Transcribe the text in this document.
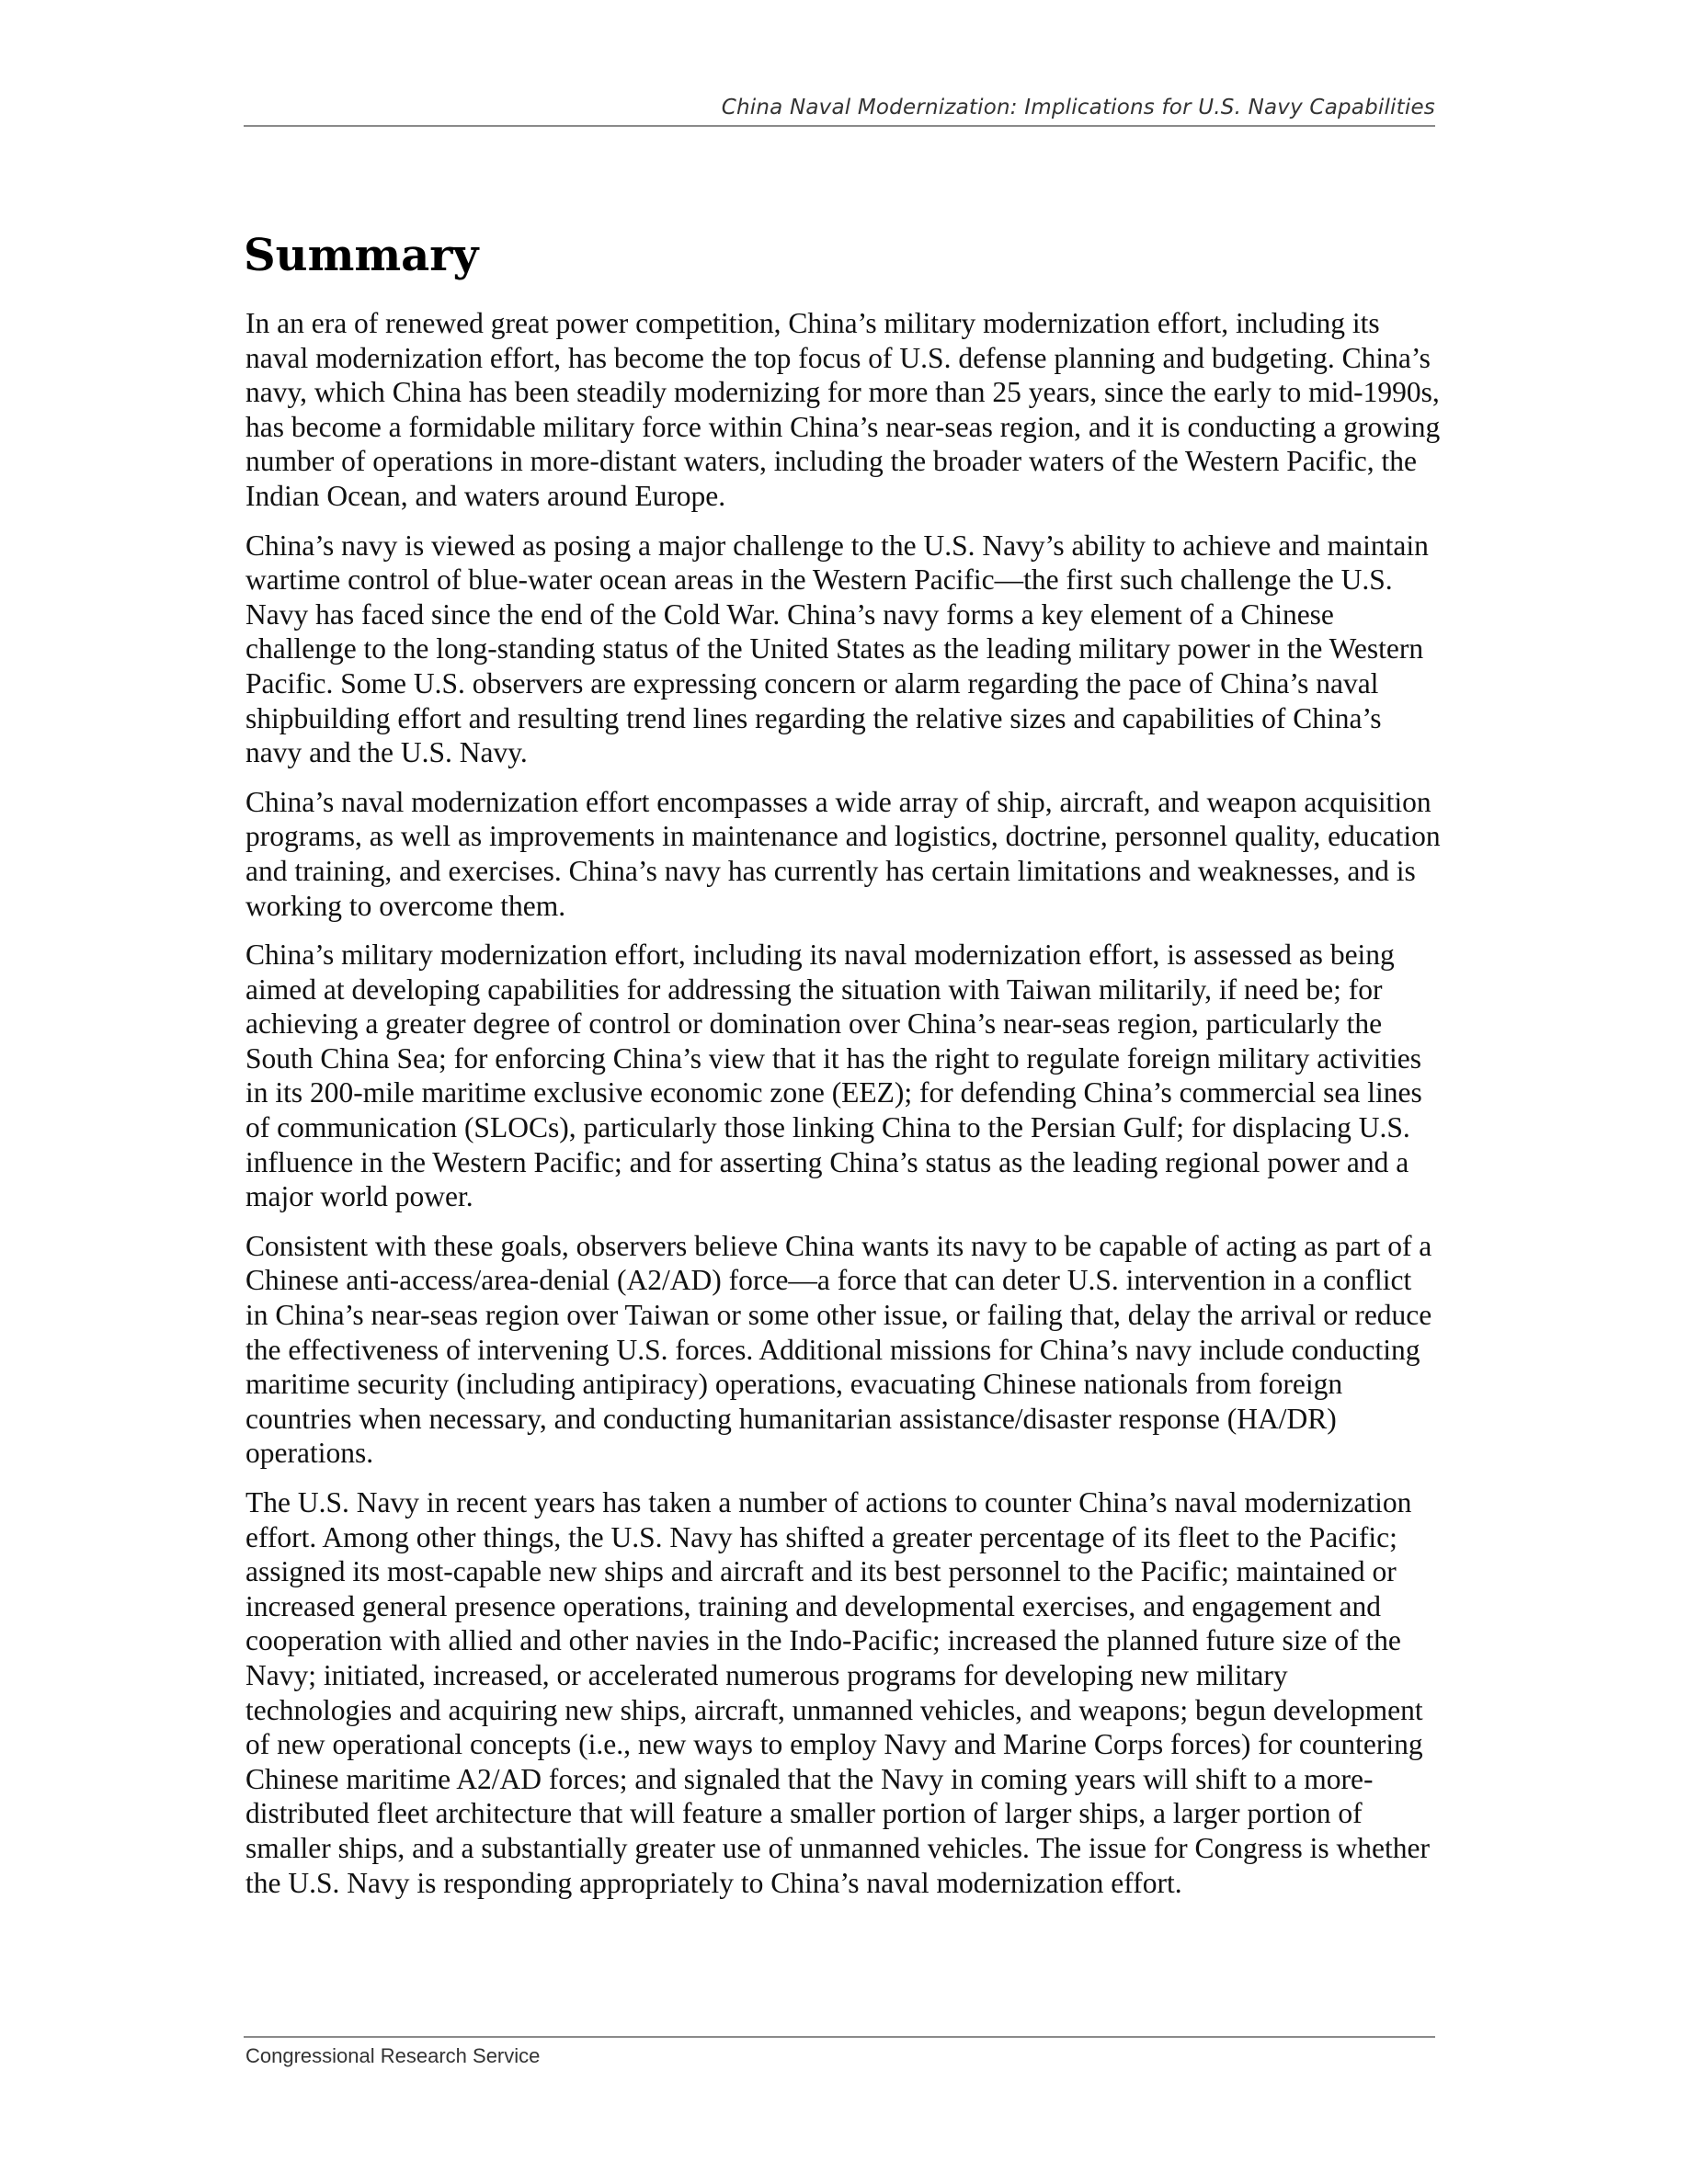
China Naval Modernization: Implications for U.S. Navy Capabilities
Summary

In an era of renewed great power competition, China’s military modernization effort, including its naval modernization effort, has become the top focus of U.S. defense planning and budgeting. China’s navy, which China has been steadily modernizing for more than 25 years, since the early to mid-1990s, has become a formidable military force within China’s near-seas region, and it is conducting a growing number of operations in more-distant waters, including the broader waters of the Western Pacific, the Indian Ocean, and waters around Europe.

China’s navy is viewed as posing a major challenge to the U.S. Navy’s ability to achieve and maintain wartime control of blue-water ocean areas in the Western Pacific—the first such challenge the U.S. Navy has faced since the end of the Cold War. China’s navy forms a key element of a Chinese challenge to the long-standing status of the United States as the leading military power in the Western Pacific. Some U.S. observers are expressing concern or alarm regarding the pace of China’s naval shipbuilding effort and resulting trend lines regarding the relative sizes and capabilities of China’s navy and the U.S. Navy.

China’s naval modernization effort encompasses a wide array of ship, aircraft, and weapon acquisition programs, as well as improvements in maintenance and logistics, doctrine, personnel quality, education and training, and exercises. China’s navy has currently has certain limitations and weaknesses, and is working to overcome them.

China’s military modernization effort, including its naval modernization effort, is assessed as being aimed at developing capabilities for addressing the situation with Taiwan militarily, if need be; for achieving a greater degree of control or domination over China’s near-seas region, particularly the South China Sea; for enforcing China’s view that it has the right to regulate foreign military activities in its 200-mile maritime exclusive economic zone (EEZ); for defending China’s commercial sea lines of communication (SLOCs), particularly those linking China to the Persian Gulf; for displacing U.S. influence in the Western Pacific; and for asserting China’s status as the leading regional power and a major world power.

Consistent with these goals, observers believe China wants its navy to be capable of acting as part of a Chinese anti-access/area-denial (A2/AD) force—a force that can deter U.S. intervention in a conflict in China’s near-seas region over Taiwan or some other issue, or failing that, delay the arrival or reduce the effectiveness of intervening U.S. forces. Additional missions for China’s navy include conducting maritime security (including antipiracy) operations, evacuating Chinese nationals from foreign countries when necessary, and conducting humanitarian assistance/disaster response (HA/DR) operations.

The U.S. Navy in recent years has taken a number of actions to counter China’s naval modernization effort. Among other things, the U.S. Navy has shifted a greater percentage of its fleet to the Pacific; assigned its most-capable new ships and aircraft and its best personnel to the Pacific; maintained or increased general presence operations, training and developmental exercises, and engagement and cooperation with allied and other navies in the Indo-Pacific; increased the planned future size of the Navy; initiated, increased, or accelerated numerous programs for developing new military technologies and acquiring new ships, aircraft, unmanned vehicles, and weapons; begun development of new operational concepts (i.e., new ways to employ Navy and Marine Corps forces) for countering Chinese maritime A2/AD forces; and signaled that the Navy in coming years will shift to a more-distributed fleet architecture that will feature a smaller portion of larger ships, a larger portion of smaller ships, and a substantially greater use of unmanned vehicles. The issue for Congress is whether the U.S. Navy is responding appropriately to China’s naval modernization effort.

Congressional Research Service
